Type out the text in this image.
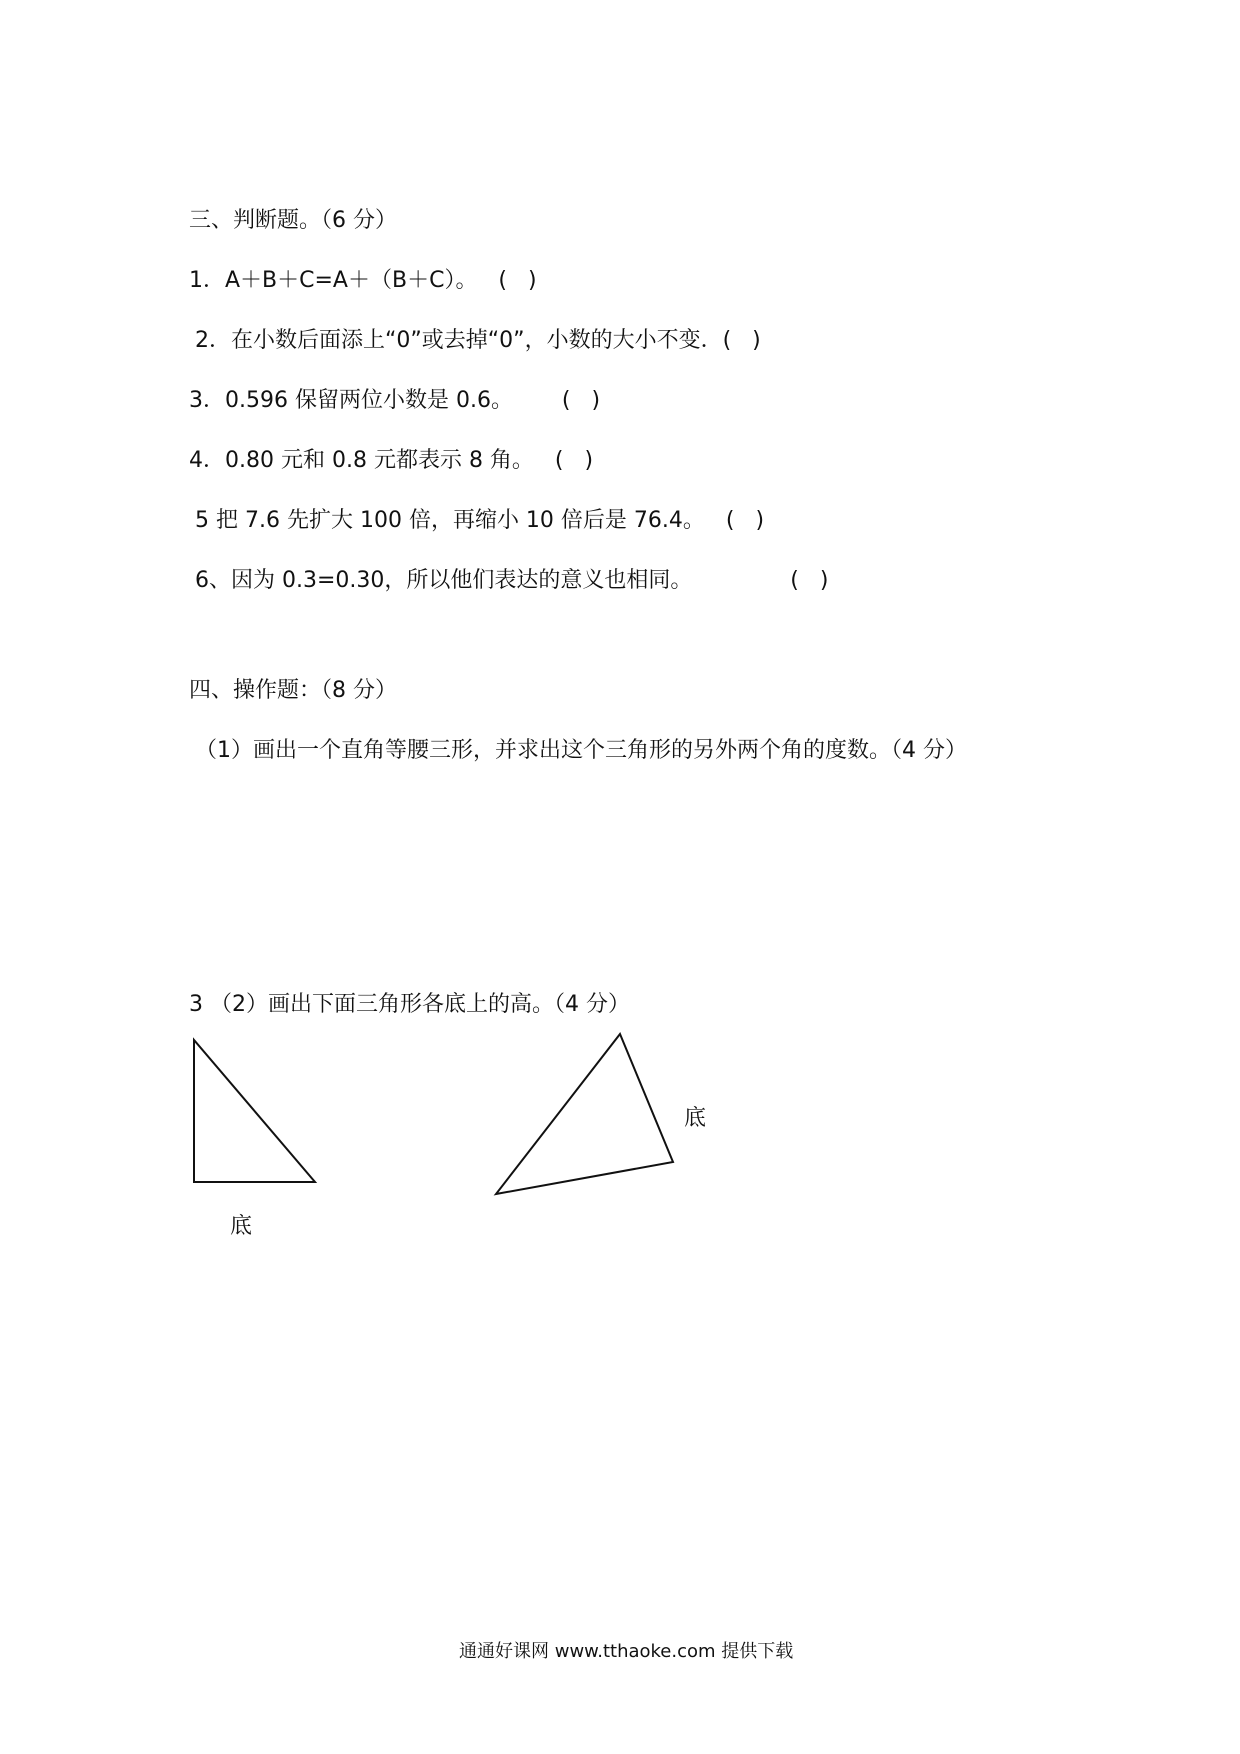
三、判断题。（6 分）
1．A＋B＋C=A＋（B＋C）。   (   )
2．在小数后面添上“0”或去掉“0”，小数的大小不变．(   )
3．0.596 保留两位小数是 0.6。       (   )
4．0.80 元和 0.8 元都表示 8 角。   (   )
5 把 7.6 先扩大 100 倍，再缩小 10 倍后是 76.4。   (   )
6、因为 0.3=0.30，所以他们表达的意义也相同。              (   )
四、操作题：（8 分）
（1）画出一个直角等腰三形，并求出这个三角形的另外两个角的度数。（4 分）
3 （2）画出下面三角形各底上的高。（4 分）
底
底
通通好课网 www.tthaoke.com 提供下载
